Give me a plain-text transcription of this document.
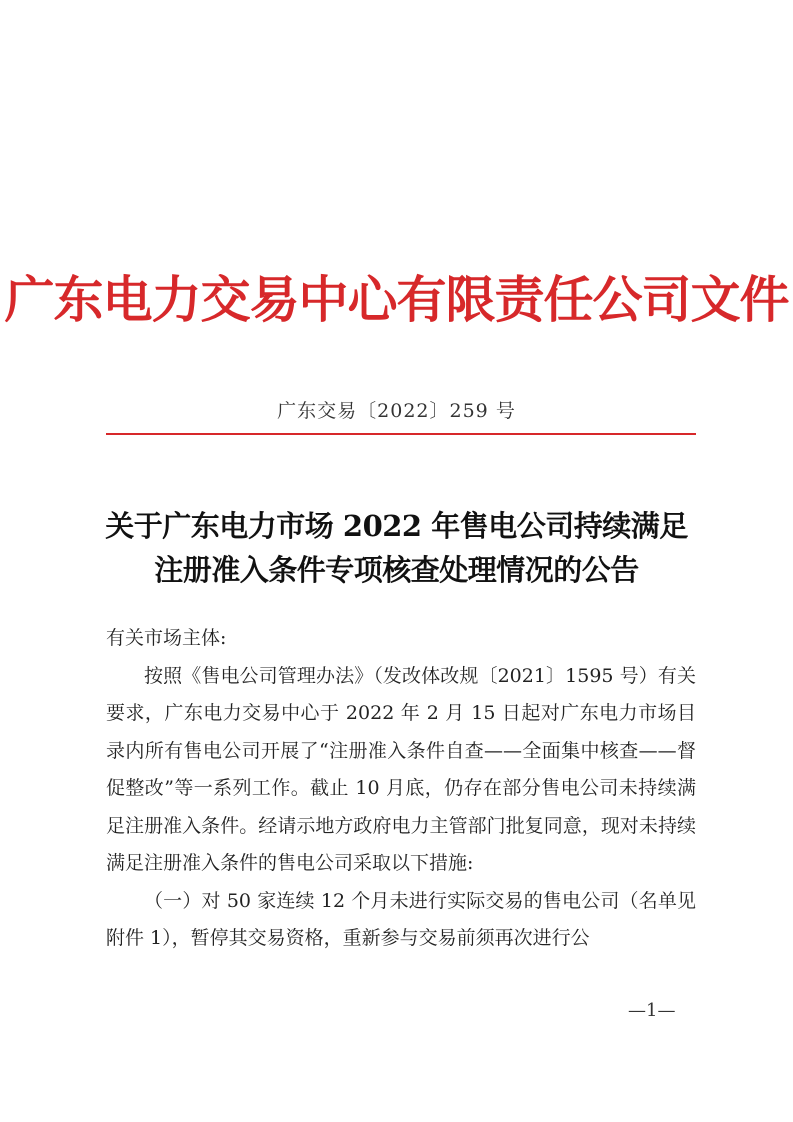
广东电力交易中心有限责任公司文件
广东交易〔2022〕259 号
关于广东电力市场 2022 年售电公司持续满足
注册准入条件专项核查处理情况的公告

有关市场主体:

按照《售电公司管理办法》（发改体改规〔2021〕1595 号）有关要求，广东电力交易中心于 2022 年 2 月 15 日起对广东电力市场目录内所有售电公司开展了“注册准入条件自查——全面集中核查——督促整改”等一系列工作。截止 10 月底，仍存在部分售电公司未持续满足注册准入条件。经请示地方政府电力主管部门批复同意，现对未持续满足注册准入条件的售电公司采取以下措施:

（一）对 50 家连续 12 个月未进行实际交易的售电公司（名单见附件 1），暂停其交易资格，重新参与交易前须再次进行公

—1—
